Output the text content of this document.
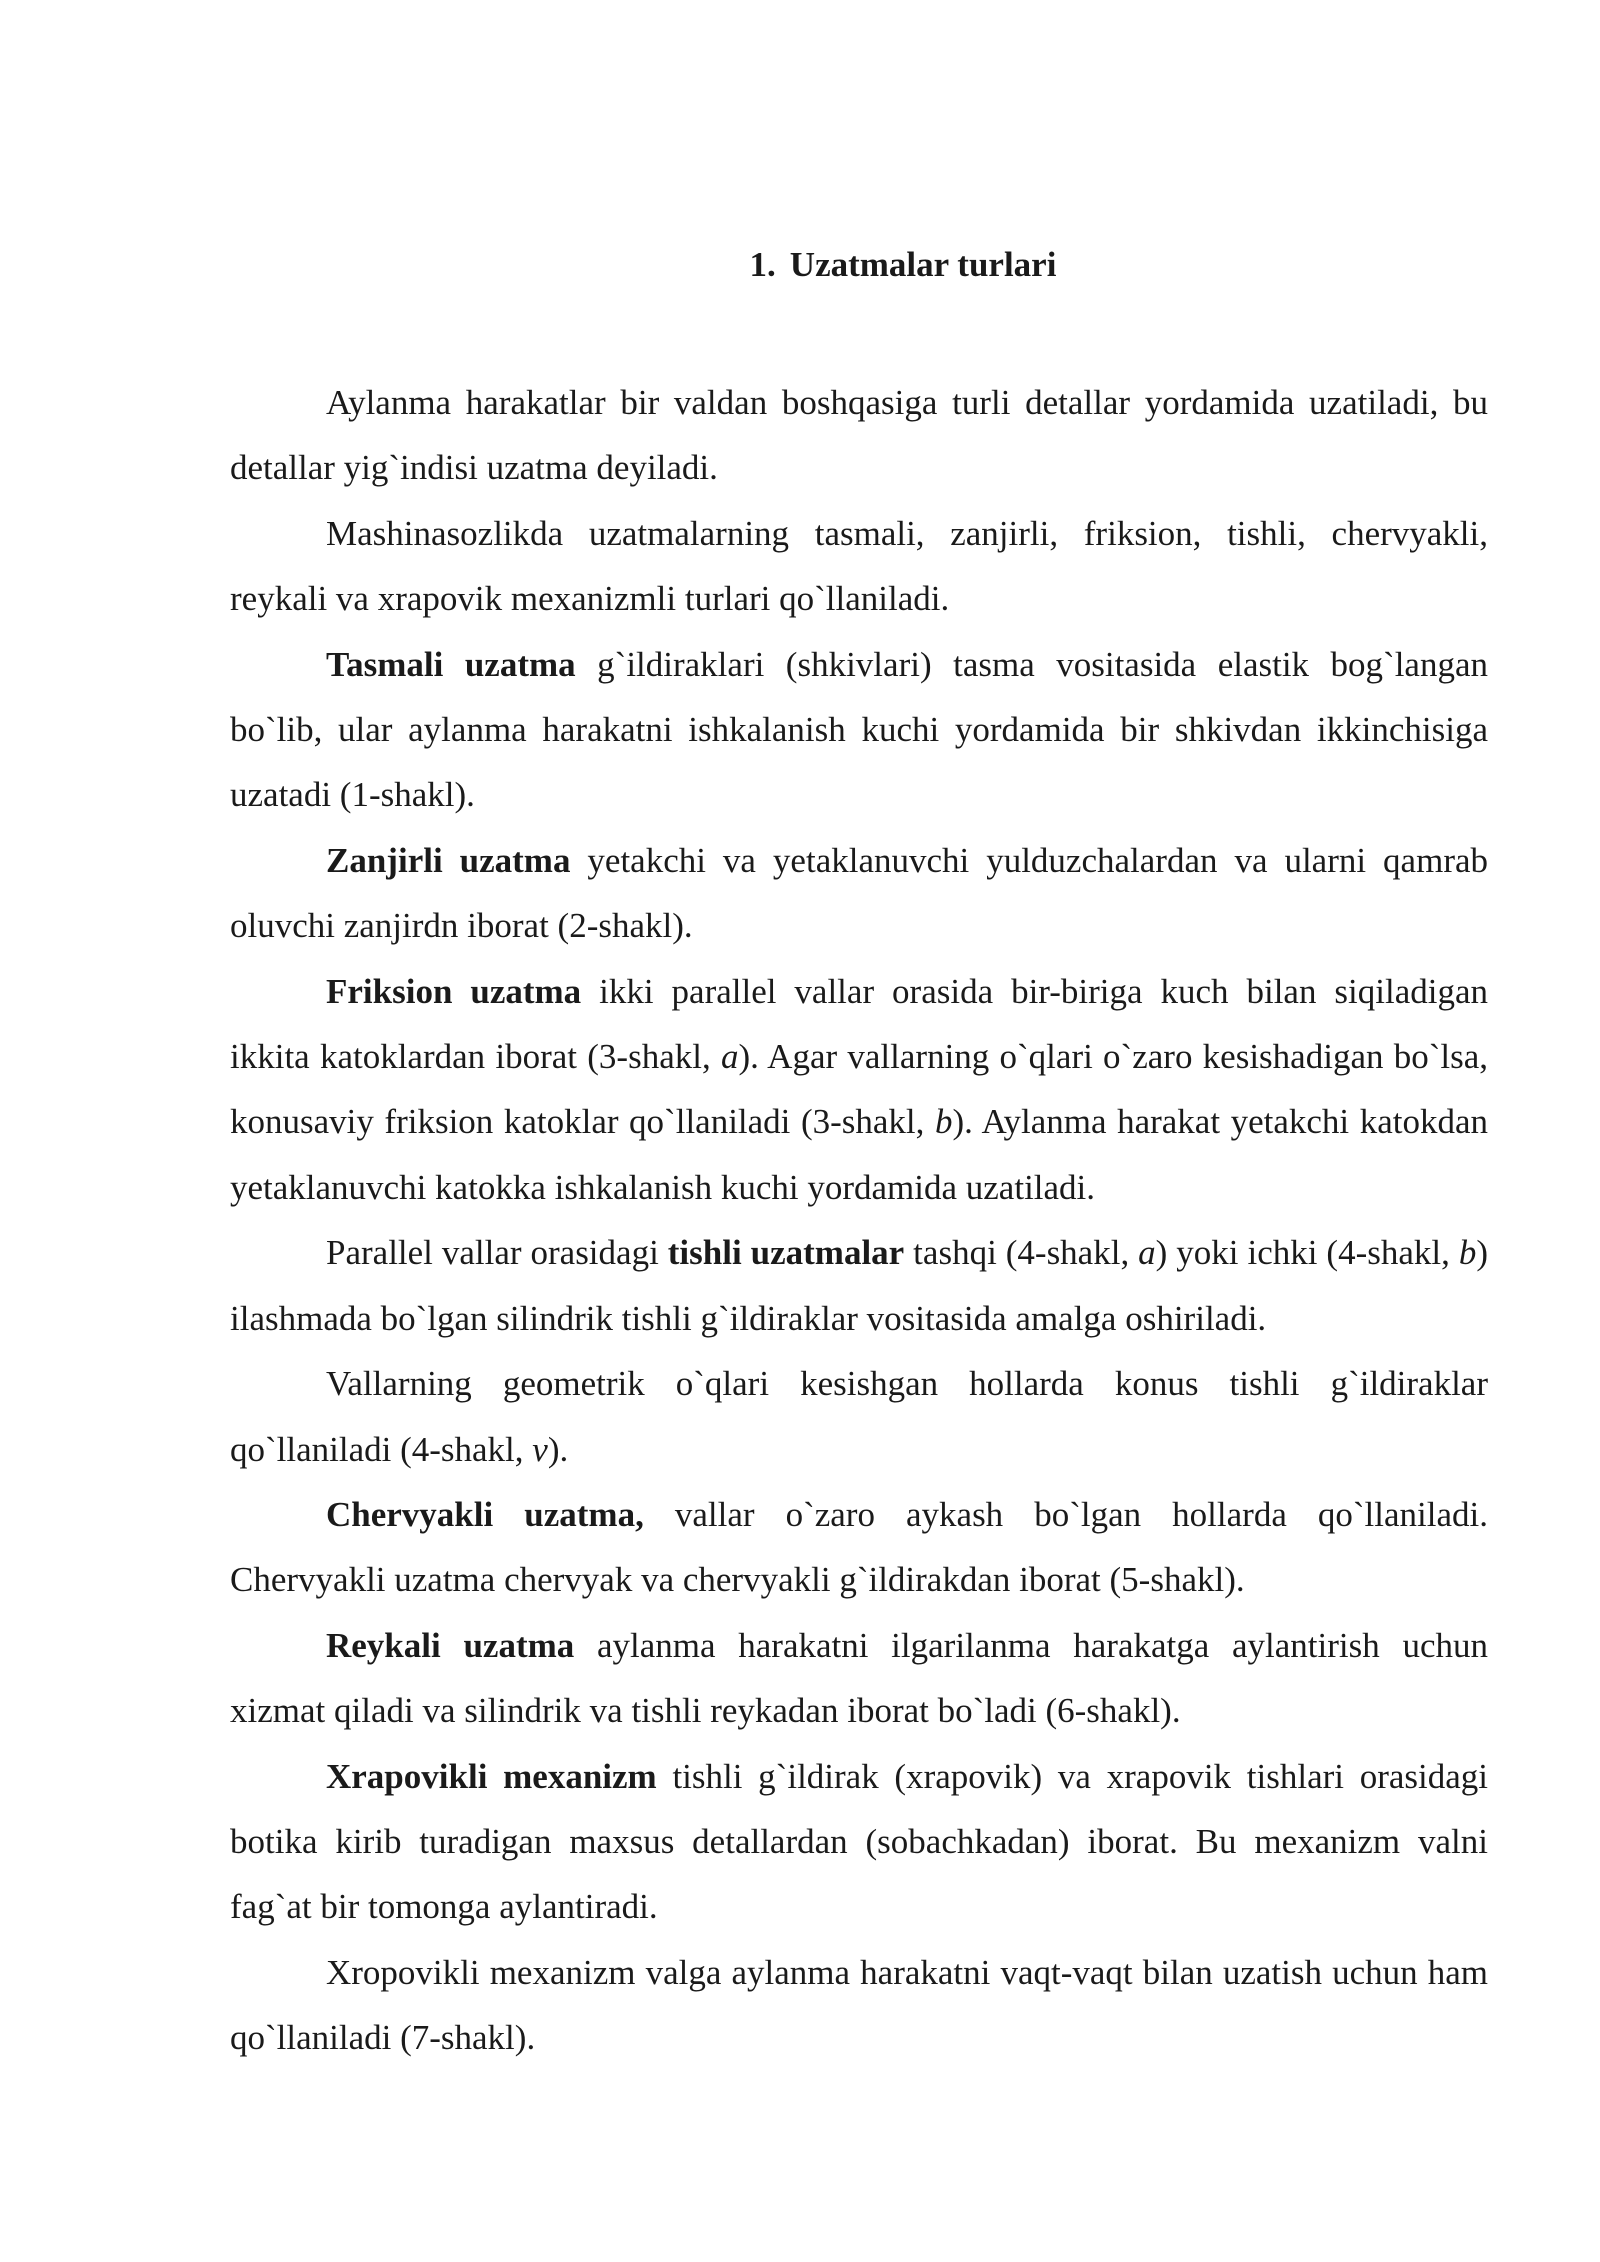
1. Uzatmalar turlari

Aylanma harakatlar bir valdan boshqasiga turli detallar yordamida uzatiladi, bu detallar yig`indisi uzatma deyiladi.

Mashinasozlikda uzatmalarning tasmali, zanjirli, friksion, tishli, chervyakli, reykali va xrapovik mexanizmli turlari qo`llaniladi.

Tasmali uzatma g`ildiraklari (shkivlari) tasma vositasida elastik bog`langan bo`lib, ular aylanma harakatni ishkalanish kuchi yordamida bir shkivdan ikkinchisiga uzatadi (1-shakl).

Zanjirli uzatma yetakchi va yetaklanuvchi yulduzchalardan va ularni qamrab oluvchi zanjirdn iborat (2-shakl).

Friksion uzatma ikki parallel vallar orasida bir-biriga kuch bilan siqiladigan ikkita katoklardan iborat (3-shakl, a). Agar vallarning o`qlari o`zaro kesishadigan bo`lsa, konusaviy friksion katoklar qo`llaniladi (3-shakl, b). Aylanma harakat yetakchi katokdan yetaklanuvchi katokka ishkalanish kuchi yordamida uzatiladi.

Parallel vallar orasidagi tishli uzatmalar tashqi (4-shakl, a) yoki ichki (4-shakl, b) ilashmada bo`lgan silindrik tishli g`ildiraklar vositasida amalga oshiriladi.

Vallarning geometrik o`qlari kesishgan hollarda konus tishli g`ildiraklar qo`llaniladi (4-shakl, v).

Chervyakli uzatma, vallar o`zaro aykash bo`lgan hollarda qo`llaniladi. Chervyakli uzatma chervyak va chervyakli g`ildirakdan iborat (5-shakl).

Reykali uzatma aylanma harakatni ilgarilanma harakatga aylantirish uchun xizmat qiladi va silindrik va tishli reykadan iborat bo`ladi (6-shakl).

Xrapovikli mexanizm tishli g`ildirak (xrapovik) va xrapovik tishlari orasidagi botika kirib turadigan maxsus detallardan (sobachkadan) iborat. Bu mexanizm valni fag`at bir tomonga aylantiradi.

Xropovikli mexanizm valga aylanma harakatni vaqt-vaqt bilan uzatish uchun ham qo`llaniladi (7-shakl).
